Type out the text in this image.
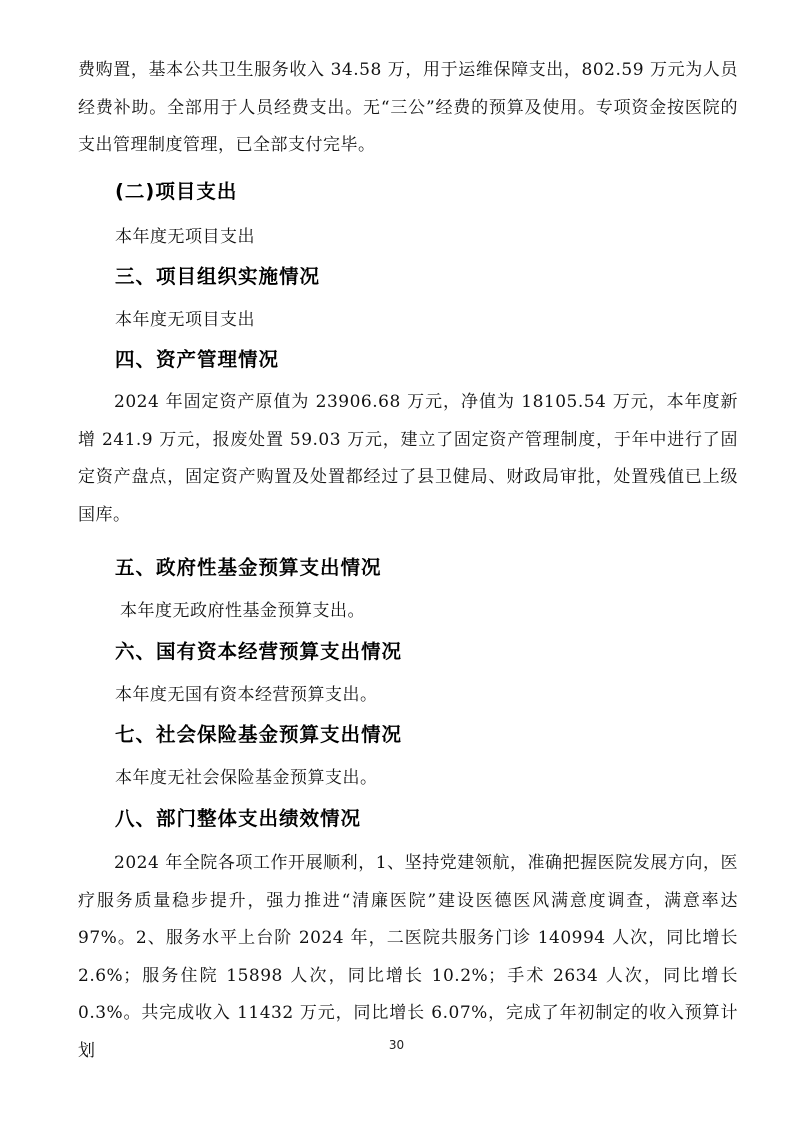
费购置，基本公共卫生服务收入 34.58 万，用于运维保障支出，802.59 万元为人员经费补助。全部用于人员经费支出。无“三公”经费的预算及使用。专项资金按医院的支出管理制度管理，已全部支付完毕。
(二)项目支出
本年度无项目支出
三、项目组织实施情况
本年度无项目支出
四、资产管理情况
2024 年固定资产原值为 23906.68 万元，净值为 18105.54 万元，本年度新增 241.9 万元，报废处置 59.03 万元，建立了固定资产管理制度，于年中进行了固定资产盘点，固定资产购置及处置都经过了县卫健局、财政局审批，处置残值已上级国库。
五、政府性基金预算支出情况
本年度无政府性基金预算支出。
六、国有资本经营预算支出情况
本年度无国有资本经营预算支出。
七、社会保险基金预算支出情况
本年度无社会保险基金预算支出。
八、部门整体支出绩效情况
2024 年全院各项工作开展顺利，1、坚持党建领航，准确把握医院发展方向，医疗服务质量稳步提升，强力推进“清廉医院”建设医德医风满意度调查，满意率达 97%。2、服务水平上台阶 2024 年，二医院共服务门诊 140994 人次，同比增长 2.6%；服务住院 15898 人次，同比增长 10.2%；手术 2634 人次，同比增长 0.3%。共完成收入 11432 万元，同比增长 6.07%，完成了年初制定的收入预算计划	30
